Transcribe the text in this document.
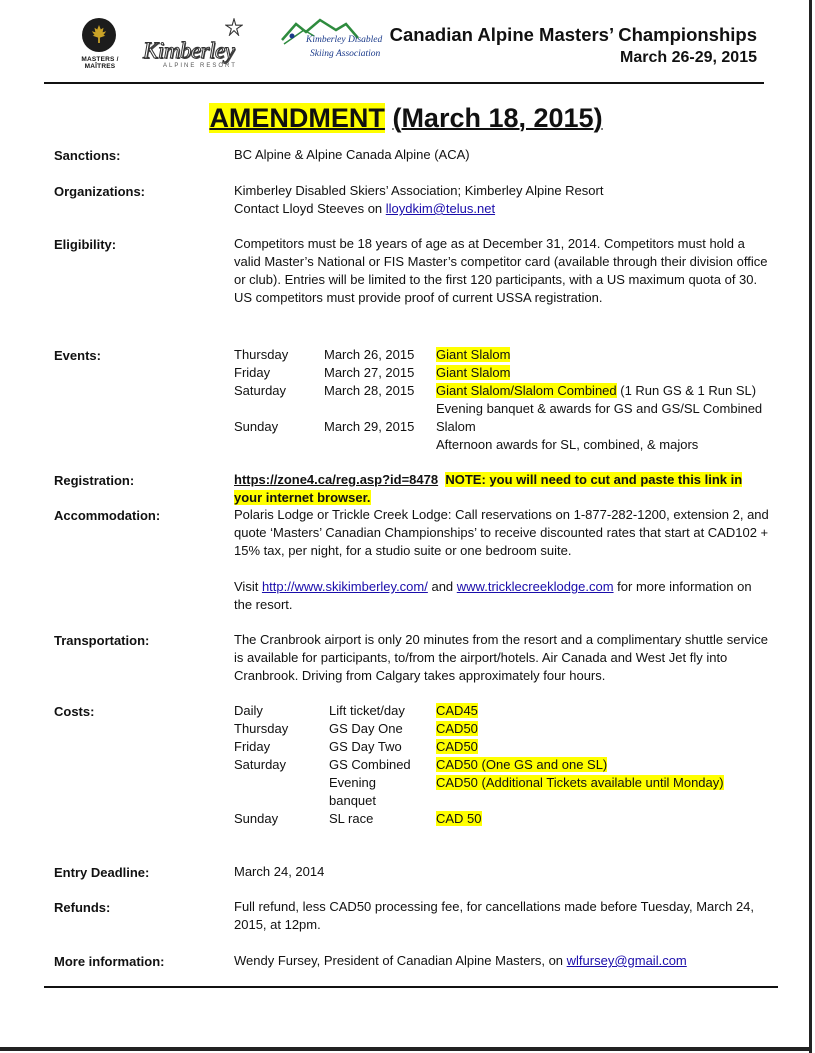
MASTERS / MAÎTRES
Kimberley
ALPINE RESORT
Kimberley Disabled
Skiing Association
Canadian Alpine Masters’ Championships
March 26-29, 2015
AMENDMENT (March 18, 2015)
Sanctions:	BC Alpine & Alpine Canada Alpine (ACA)
Organizations:	Kimberley Disabled Skiers’ Association; Kimberley Alpine Resort

Contact Lloyd Steeves on lloydkim@telus.net

Eligibility:	Competitors must be 18 years of age as at December 31, 2014. Competitors must hold a valid Master’s National or FIS Master’s competitor card (available through their division office or club). Entries will be limited to the first 120 participants, with a US maximum quota of 30. US competitors must provide proof of current USSA registration.
Events:	Thursday	March 26, 2015 Giant Slalom
Friday	March 27, 2015 Giant Slalom
Saturday	March 28, 2015 Giant Slalom/Slalom Combined (1 Run GS & 1 Run SL)
Evening banquet & awards for GS and GS/SL Combined
Sunday	March 29, 2015 Slalom
Afternoon awards for SL, combined, & majors
Registration:	https://zone4.ca/reg.asp?id=8478 NOTE: you will need to cut and paste this link in your internet browser.
Accommodation:	Polaris Lodge or Trickle Creek Lodge: Call reservations on 1-877-282-1200, extension 2, and quote ‘Masters’ Canadian Championships’ to receive discounted rates that start at CAD102 + 15% tax, per night, for a studio suite or one bedroom suite.

Visit http://www.skikimberley.com/ and www.tricklecreeklodge.com for more information on the resort.

Transportation:	The Cranbrook airport is only 20 minutes from the resort and a complimentary shuttle service is available for participants, to/from the airport/hotels. Air Canada and West Jet fly into Cranbrook. Driving from Calgary takes approximately four hours.
Costs:	Daily	Lift ticket/day CAD45
Thursday	GS Day One	CAD50
Friday	GS Day Two	CAD50
Saturday	GS Combined CAD50 (One GS and one SL)
Evening	CAD50 (Additional Tickets available until Monday)
banquet
Sunday	SL race	CAD 50
Entry Deadline:	March 24, 2014
Refunds:	Full refund, less CAD50 processing fee, for cancellations made before Tuesday, March 24, 2015, at 12pm.
More information:	Wendy Fursey, President of Canadian Alpine Masters, on wlfursey@gmail.com
